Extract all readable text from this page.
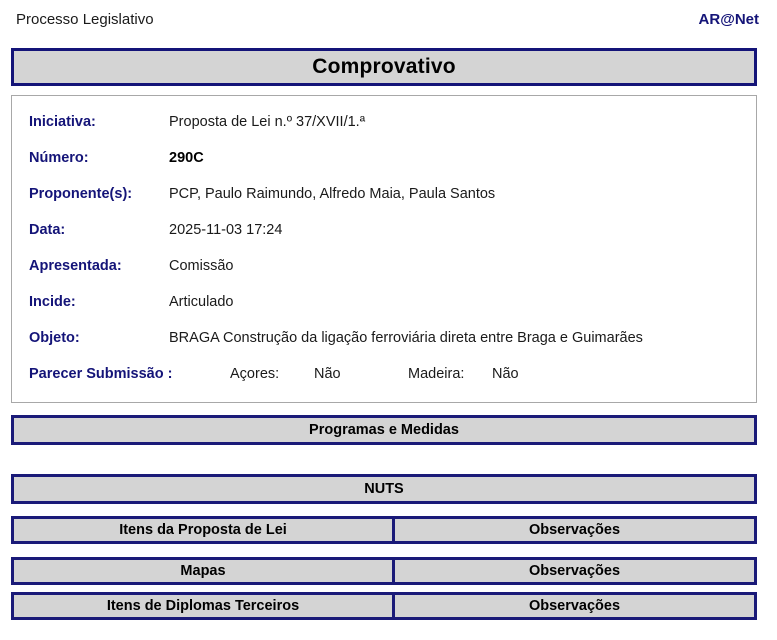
Processo Legislativo	AR@Net
Comprovativo
Iniciativa:	Proposta de Lei n.º 37/XVII/1.ª
Número:	290C
Proponente(s):	PCP, Paulo Raimundo, Alfredo Maia, Paula Santos
Data:	2025-11-03 17:24
Apresentada:	Comissão
Incide:	Articulado
Objeto:	BRAGA Construção da ligação ferroviária direta entre Braga e Guimarães
Parecer Submissão :	Açores: Não	Madeira: Não
Programas e Medidas
NUTS
Itens da Proposta de Lei	Observações
Mapas	Observações
Itens de Diplomas Terceiros	Observações
